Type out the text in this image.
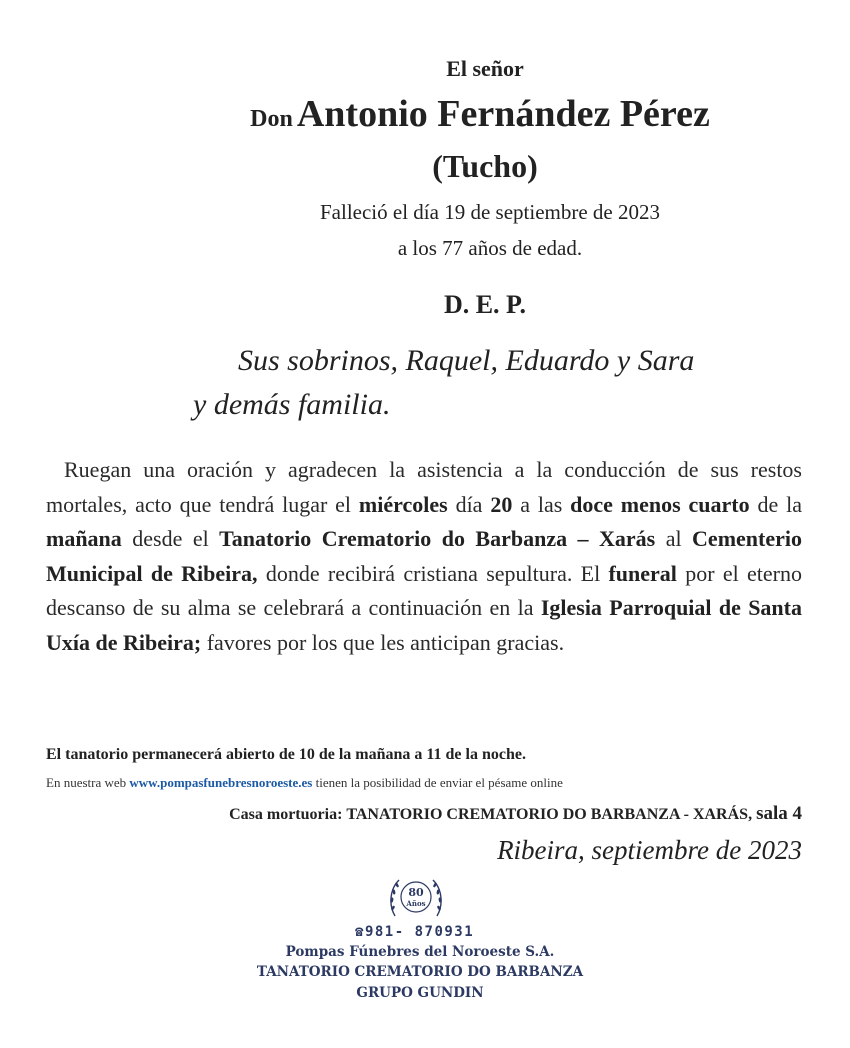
El señor
Don Antonio Fernández Pérez
(Tucho)
Falleció el día 19 de septiembre de 2023
a los 77 años de edad.
D. E. P.
Sus sobrinos, Raquel, Eduardo y Sara
y demás familia.
Ruegan una oración y agradecen la asistencia a la conducción de sus restos mortales, acto que tendrá lugar el miércoles día 20 a las doce menos cuarto de la mañana desde el Tanatorio Crematorio do Barbanza – Xarás al Cementerio Municipal de Ribeira, donde recibirá cristiana sepultura. El funeral por el eterno descanso de su alma se celebrará a continuación en la Iglesia Parroquial de Santa Uxía de Ribeira; favores por los que les anticipan gracias.
El tanatorio permanecerá abierto de 10 de la mañana a 11 de la noche.
En nuestra web www.pompasfunebresnoroeste.es tienen la posibilidad de enviar el pésame online
Casa mortuoria: TANATORIO CREMATORIO DO BARBANZA - XARÁS, sala 4
Ribeira, septiembre de 2023
80
Años
☎981- 870931
Pompas Fúnebres del Noroeste S.A.
TANATORIO CREMATORIO DO BARBANZA
GRUPO GUNDIN
